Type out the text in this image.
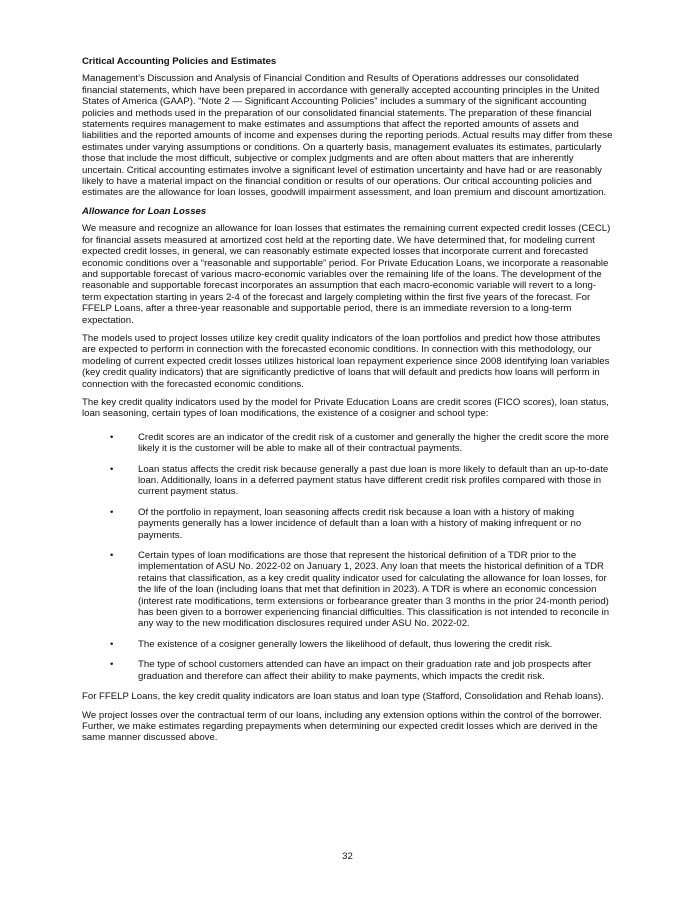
Critical Accounting Policies and Estimates

Management’s Discussion and Analysis of Financial Condition and Results of Operations addresses our consolidated financial statements, which have been prepared in accordance with generally accepted accounting principles in the United States of America (GAAP). “Note 2 — Significant Accounting Policies” includes a summary of the significant accounting policies and methods used in the preparation of our consolidated financial statements. The preparation of these financial statements requires management to make estimates and assumptions that affect the reported amounts of assets and liabilities and the reported amounts of income and expenses during the reporting periods. Actual results may differ from these estimates under varying assumptions or conditions. On a quarterly basis, management evaluates its estimates, particularly those that include the most difficult, subjective or complex judgments and are often about matters that are inherently uncertain. Critical accounting estimates involve a significant level of estimation uncertainty and have had or are reasonably likely to have a material impact on the financial condition or results of our operations. Our critical accounting policies and estimates are the allowance for loan losses, goodwill impairment assessment, and loan premium and discount amortization.

Allowance for Loan Losses

We measure and recognize an allowance for loan losses that estimates the remaining current expected credit losses (CECL) for financial assets measured at amortized cost held at the reporting date. We have determined that, for modeling current expected credit losses, in general, we can reasonably estimate expected losses that incorporate current and forecasted economic conditions over a “reasonable and supportable” period. For Private Education Loans, we incorporate a reasonable and supportable forecast of various macro-economic variables over the remaining life of the loans. The development of the reasonable and supportable forecast incorporates an assumption that each macro-economic variable will revert to a long-term expectation starting in years 2-4 of the forecast and largely completing within the first five years of the forecast. For FFELP Loans, after a three-year reasonable and supportable period, there is an immediate reversion to a long-term expectation.

The models used to project losses utilize key credit quality indicators of the loan portfolios and predict how those attributes are expected to perform in connection with the forecasted economic conditions. In connection with this methodology, our modeling of current expected credit losses utilizes historical loan repayment experience since 2008 identifying loan variables (key credit quality indicators) that are significantly predictive of loans that will default and predicts how loans will perform in connection with the forecasted economic conditions.

The key credit quality indicators used by the model for Private Education Loans are credit scores (FICO scores), loan status, loan seasoning, certain types of loan modifications, the existence of a cosigner and school type:

•	Credit scores are an indicator of the credit risk of a customer and generally the higher the credit score the more likely it is the customer will be able to make all of their contractual payments.
•	Loan status affects the credit risk because generally a past due loan is more likely to default than an up-to-date loan. Additionally, loans in a deferred payment status have different credit risk profiles compared with those in current payment status.
•	Of the portfolio in repayment, loan seasoning affects credit risk because a loan with a history of making payments generally has a lower incidence of default than a loan with a history of making infrequent or no payments.
•	Certain types of loan modifications are those that represent the historical definition of a TDR prior to the implementation of ASU No. 2022-02 on January 1, 2023. Any loan that meets the historical definition of a TDR retains that classification, as a key credit quality indicator used for calculating the allowance for loan losses, for the life of the loan (including loans that met that definition in 2023). A TDR is where an economic concession (interest rate modifications, term extensions or forbearance greater than 3 months in the prior 24-month period) has been given to a borrower experiencing financial difficulties. This classification is not intended to reconcile in any way to the new modification disclosures required under ASU No. 2022-02.
•	The existence of a cosigner generally lowers the likelihood of default, thus lowering the credit risk.
•	The type of school customers attended can have an impact on their graduation rate and job prospects after graduation and therefore can affect their ability to make payments, which impacts the credit risk.

For FFELP Loans, the key credit quality indicators are loan status and loan type (Stafford, Consolidation and Rehab loans).

We project losses over the contractual term of our loans, including any extension options within the control of the borrower. Further, we make estimates regarding prepayments when determining our expected credit losses which are derived in the same manner discussed above.

32
